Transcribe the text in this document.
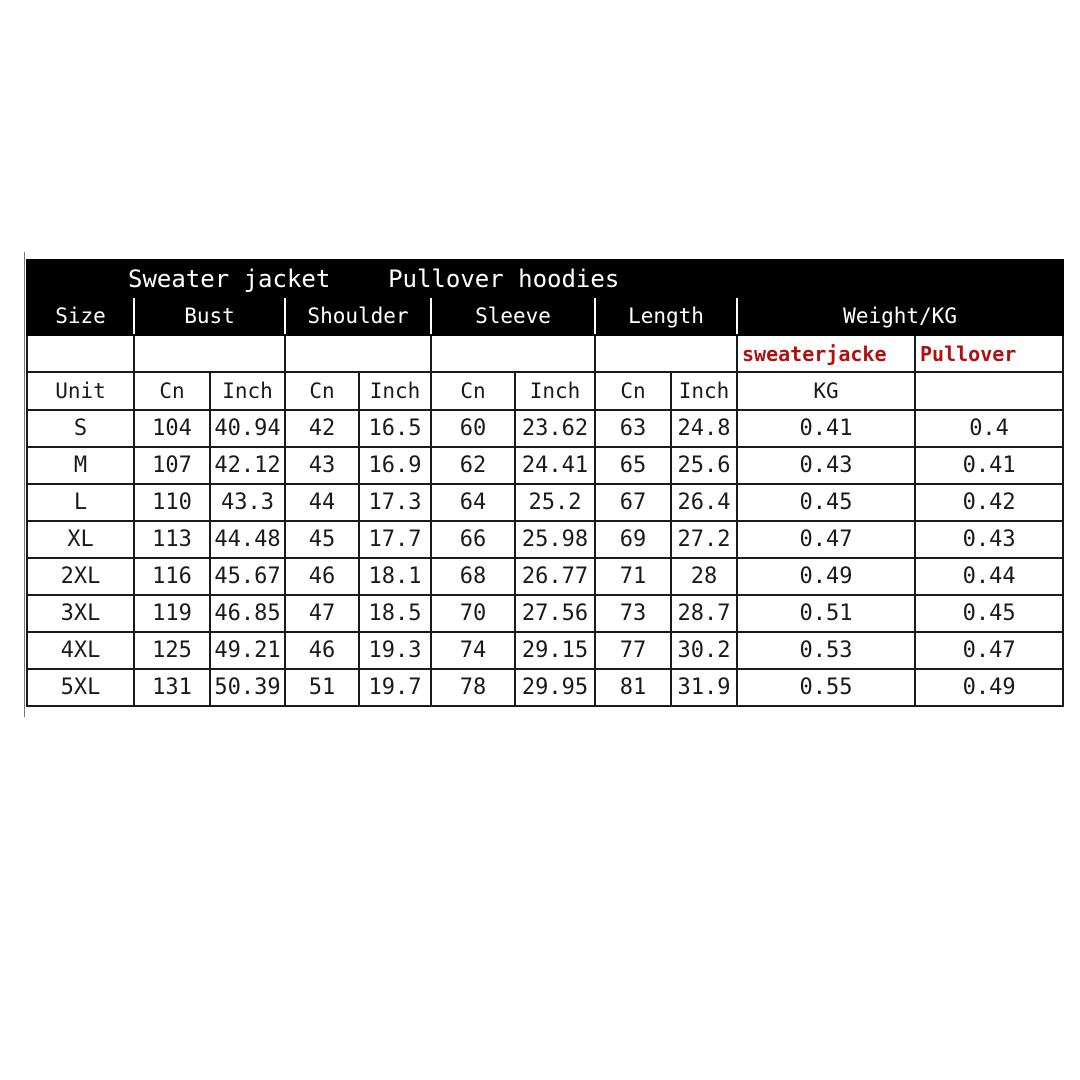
Sweater jacket    Pullover hoodies										
Size	Bust		Shoulder		Sleeve		Length		Weight/KG	
									sweaterjacke	Pullover
Unit	Cn	Inch	Cn	Inch	Cn	Inch	Cn	Inch	KG	
S	104	40.94	42	16.5	60	23.62	63	24.8	0.41	0.4
M	107	42.12	43	16.9	62	24.41	65	25.6	0.43	0.41
L	110	43.3	44	17.3	64	25.2	67	26.4	0.45	0.42
XL	113	44.48	45	17.7	66	25.98	69	27.2	0.47	0.43
2XL	116	45.67	46	18.1	68	26.77	71	28	0.49	0.44
3XL	119	46.85	47	18.5	70	27.56	73	28.7	0.51	0.45
4XL	125	49.21	46	19.3	74	29.15	77	30.2	0.53	0.47
5XL	131	50.39	51	19.7	78	29.95	81	31.9	0.55	0.49
